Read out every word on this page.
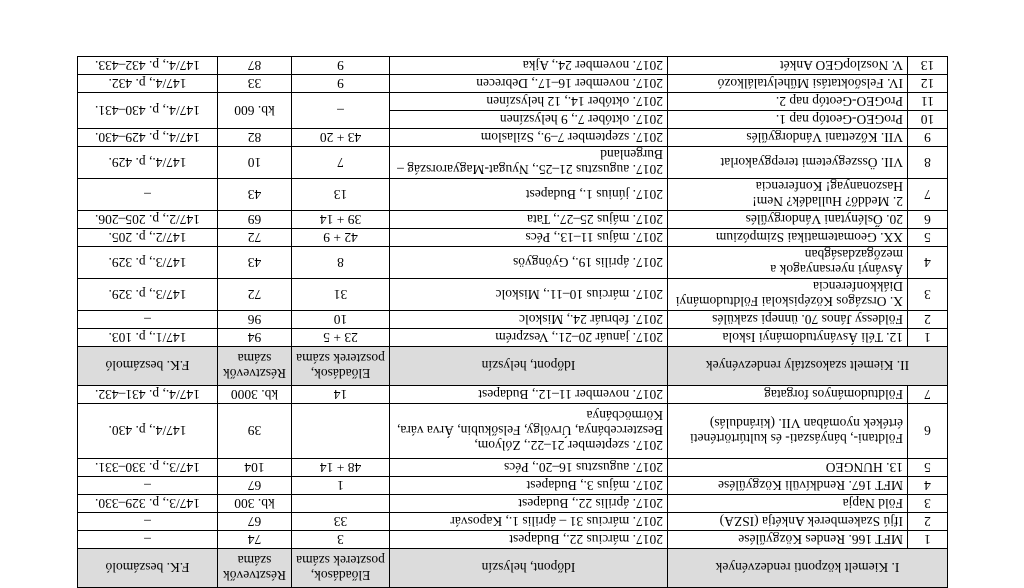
I. Kiemelt központi rendezvények		Időpont, helyszín	Előadások, poszterek száma	Résztvevők száma	F.K. beszámoló
1	MFT 166. Rendes Közgyűlése	2017. március 22., Budapest	3	74	–
2	Ifjú Szakemberek Ankétja (ISZA)	2017. március 31 – április 1., Kaposvár	33	67	–
3	Föld Napja	2017. április 22., Budapest		kb. 300	147/3., p. 329–330.
4	MFT 167. Rendkívüli Közgyűlése	2017. május 3., Budapest	1	67	–
5	13. HUNGEO	2017. augusztus 16–20., Pécs	48 + 14	104	147/3., p. 330–331.
6	Földtani-, bányászati- és kultúrtörténeti értékek nyomában VII. (kirándulás)	2017. szeptember 21–22., Zólyom, Besztercebánya, Úrvölgy, Felsőkubin, Árva vára, Körmöcbánya		39	147/4., p. 430.
7	Földtudományos forgatag	2017. november 11–12., Budapest	14	kb. 3000	147/4., p. 431–432.
II. Kiemelt szakosztály rendezvények		Időpont, helyszín	Előadások, poszterek száma	Résztvevők száma	F.K. beszámoló
1	12. Téli Ásványtudományi Iskola	2017. január 20–21., Veszprém	23 + 5	94	147/1., p. 103.
2	Földessy János 70. ünnepi szakülés	2017. február 24., Miskolc	10	96	–
3	X. Országos Középiskolai Földtudományi Diákkonferencia	2017. március 10–11., Miskolc	31	72	147/3., p. 329.
4	Ásványi nyersanyagok a mezőgazdaságban	2017. április 19., Gyöngyös	8	43	147/3., p. 329.
5	XX. Geomatematikai Szimpózium	2017. május 11–13., Pécs	42 + 9	72	147/2., p. 205.
6	20. Őslénytani Vándorgyűlés	2017. május 25–27., Tata	39 + 14	69	147/2., p. 205–206.
7	2. Meddő? Hulladék? Nem! Haszonanyag! Konferencia	2017. június 1., Budapest	13	43	–
8	VII. Összegyetemi terepgyakorlat	2017. augusztus 21–25., Nyugat-Magyarország – Burgenland	7	10	147/4., p. 429.
9	VII. Kőzettani Vándorgyűlés	2017. szeptember 7–9., Szilaslom	43 + 20	82	147/4., p. 429–430.
10	ProGEO-Geotóp nap 1.	2017. október 7., 9 helyszínen	–	kb. 600	147/4., p. 430–431.
11	ProGEO-Geotóp nap 2.	2017. október 14., 12 helyszínen			
12	IV. Felsőoktatási Műhelytalálkozó	2017. november 16–17., Debrecen	9	33	147/4., p. 432.
13	V. NoszlopGEO Ankét	2017. november 24., Ajka	9	87	147/4., p. 432–433.
